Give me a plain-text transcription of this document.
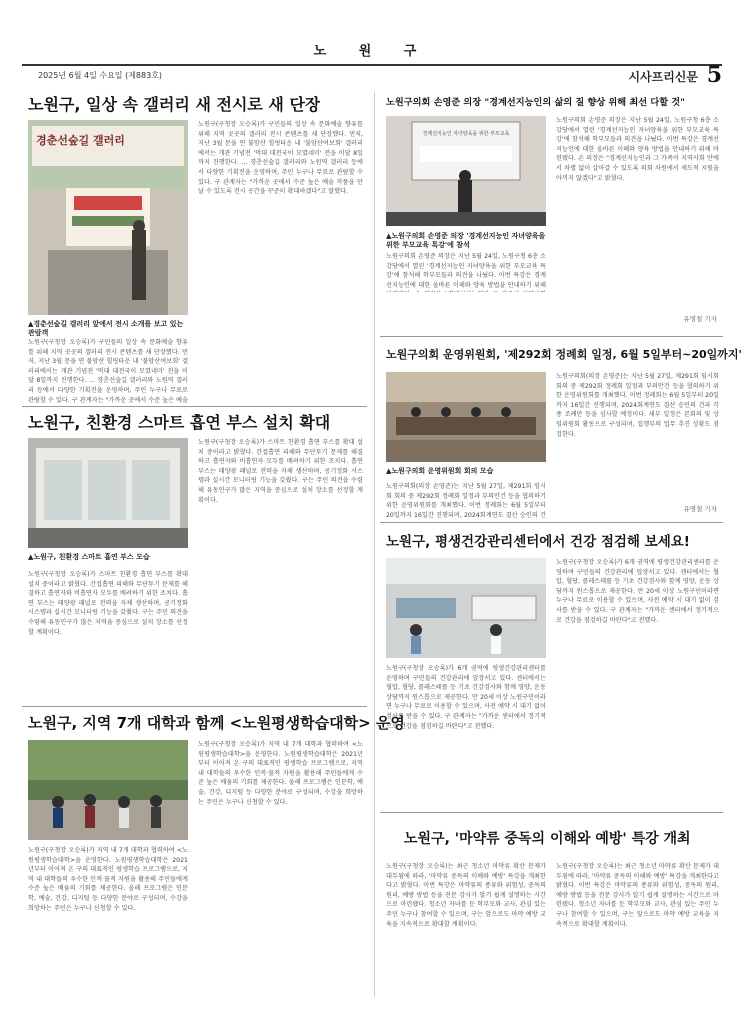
노 원 구
2025년 6월 4일 수요일 (제883호)	시사프리신문 5
노원구, 일상 속 갤러리 새 전시로 새 단장
경춘선숲길 갤러리
▲경춘선숲길 갤러리 앞에서 전시 소개를 보고 있는 관람객
노원구(구청장 오승록)가 구민들의 일상 속 문화예술 향유를 위해 지역 곳곳의 갤러리 전시 콘텐츠를 새 단장했다. 먼저, 지난 3월 문을 연 불암산 힐링타운 내 '불암산여보회' 갤러리에서는 개관 기념전 '먹대 대전국이 모였네미' 전을 이달 8일까지 진행한다. ... 경춘선숲길 갤러리와 노원역 갤러리 등에서 다양한 기획전을 운영하며, 주민 누구나 무료로 관람할 수 있다. 구 관계자는 "가까운 곳에서 수준 높은 예술
노원구(구청장 오승록)가 구민들의 일상 속 문화예술 향유를 위해 지역 곳곳의 갤러리 전시 콘텐츠를 새 단장했다. 먼저, 지난 3월 문을 연 불암산 힐링타운 내 '불암산여보회' 갤러리에서는 개관 기념전 '먹대 대전국이 모였네미' 전을 이달 8일까지 진행한다. ... 경춘선숲길 갤러리와 노원역 갤러리 등에서 다양한 기획전을 운영하며, 주민 누구나 무료로 관람할 수 있다. 구 관계자는 "가까운 곳에서 수준 높은 예술 작품을 만날 수 있도록 전시 공간을 꾸준히 확대하겠다"고 말했다.
노원구, 친환경 스마트 흡연 부스 설치 확대
▲노원구, 친환경 스마트 흡연 부스 모습
노원구(구청장 오승록)가 스마트 친환경 흡연 부스를 확대 설치 중이라고 밝혔다. 간접흡연 피해와 무단투기 문제를 해결하고 흡연자와 비흡연자 모두를 배려하기 위한 조치다. 흡연 부스는 태양광 패널로 전력을 자체 생산하며, 공기정화 시스템과 실시간 모니터링 기능을 갖췄다. 구는 주민 의견을 수렴해 유동인구가 많은 지역을 중심으로 설치 장소를 선정할 계획이다.
노원구(구청장 오승록)가 스마트 친환경 흡연 부스를 확대 설치 중이라고 밝혔다. 간접흡연 피해와 무단투기 문제를 해결하고 흡연자와 비흡연자 모두를 배려하기 위한 조치다. 흡연 부스는 태양광 패널로 전력을 자체 생산하며, 공기정화 시스템과 실시간 모니터링 기능을 갖췄다. 구는 주민 의견을 수렴해 유동인구가 많은 지역을 중심으로 설치 장소를 선정할 계획이다.
노원구, 지역 7개 대학과 함께 <노원평생학습대학> 운영
노원구(구청장 오승록)가 지역 내 7개 대학과 협력하여 <노원평생학습대학>을 운영한다. 노원평생학습대학은 2021년부터 이어져 온 구의 대표적인 평생학습 프로그램으로, 지역 내 대학들의 우수한 인적·물적 자원을 활용해 주민들에게 수준 높은 배움의 기회를 제공한다. 올해 프로그램은 인문학, 예술, 건강, 디지털 등 다양한 분야로 구성되며, 수강을 희망하는 주민은 누구나 신청할 수 있다.
노원구(구청장 오승록)가 지역 내 7개 대학과 협력하여 <노원평생학습대학>을 운영한다. 노원평생학습대학은 2021년부터 이어져 온 구의 대표적인 평생학습 프로그램으로, 지역 내 대학들의 우수한 인적·물적 자원을 활용해 주민들에게 수준 높은 배움의 기회를 제공한다. 올해 프로그램은 인문학, 예술, 건강, 디지털 등 다양한 분야로 구성되며, 수강을 희망하는 주민은 누구나 신청할 수 있다.
노원구의회 손영준 의장 "경계선지능인의 삶의 질 향상 위해 최선 다할 것"
경계선지능인 자녀양육을 위한 부모교육
▲노원구의회 손영준 의장 '경계선지능인 자녀양육을 위한 부모교육 특강'에 참석
노원구의회 손영준 의장은 지난 5월 24일, 노원구청 6층 소강당에서 열린 '경계선지능인 자녀양육을 위한 부모교육 특강'에 참석해 학부모들과 의견을 나눴다. 이번 특강은 경계선지능인에 대한 올바른 이해와 양육 방법을 안내하기 위해
노원구의회 손영준 의장은 지난 5월 24일, 노원구청 6층 소강당에서 열린 '경계선지능인 자녀양육을 위한 부모교육 특강'에 참석해 학부모들과 의견을 나눴다. 이번 특강은 경계선지능인에 대한 올바른 이해와 양육 방법을 안내하기 위해 마련됐다. 손 의장은 "경계선지능인과 그 가족이 지역사회 안에서 차별 없이 살아갈 수 있도록 의회 차원에서 제도적 지원을 아끼지 않겠다"고 밝혔다.
유명철 기자
노원구의회 운영위원회, '제292회 정례회 일정, 6월 5일부터~20일까지'
▲노원구의회 운영위원회 회의 모습
노원구의회(의장 손영준)는 지난 5월 27일, 제291회 임시회 회의 중 제292회 정례회 일정과 부의안건 등을 협의하기 위한 운영위원회를 개최했다. 이번 정례회는 6월 5일부터 20일까지 16일간 진행되며, 2024회계연도 결산 승인의 건
노원구의회(의장 손영준)는 지난 5월 27일, 제291회 임시회 회의 중 제292회 정례회 일정과 부의안건 등을 협의하기 위한 운영위원회를 개최했다. 이번 정례회는 6월 5일부터 20일까지 16일간 진행되며, 2024회계연도 결산 승인의 건과 각종 조례안 등을 심사할 예정이다. 세부 일정은 본회의 및 상임위원회 활동으로 구성되며, 집행부의 업무 추진 상황도 점검한다.
유명철 기자
노원구, 평생건강관리센터에서 건강 점검해 보세요!
노원구(구청장 오승록)가 6개 권역에 평생건강관리센터를 운영하며 구민들의 건강관리에 앞장서고 있다. 센터에서는 혈압, 혈당, 콜레스테롤 등 기초 건강검사와 함께 영양, 운동 상담까지 원스톱으로 제공한다. 만 20세 이상 노원구민이라면 누구나 무료로 이용할 수 있으며, 사전 예약 시 대기 없이 검사를 받을 수 있다. 구 관계자는 "가까운 센터에서 정기적으로 건강을 점검하길 바란다"고 전했다.
노원구(구청장 오승록)가 6개 권역에 평생건강관리센터를 운영하며 구민들의 건강관리에 앞장서고 있다. 센터에서는 혈압, 혈당, 콜레스테롤 등 기초 건강검사와 함께 영양, 운동 상담까지 원스톱으로 제공한다. 만 20세 이상 노원구민이라면 누구나 무료로 이용할 수 있으며, 사전 예약 시 대기 없이 검사를 받을 수 있다. 구 관계자는 "가까운 센터에서 정기적으로 건강을 점검하길 바란다"고 전했다.
노원구, '마약류 중독의 이해와 예방' 특강 개최
노원구(구청장 오승록)는 최근 청소년 마약류 확산 문제가 대두됨에 따라, '마약류 중독의 이해와 예방' 특강을 개최한다고 밝혔다. 이번 특강은 마약류의 종류와 위험성, 중독의 원리, 예방 방법 등을 전문 강사가 알기 쉽게 설명하는 시간으로 마련됐다. 청소년 자녀를 둔 학부모와 교사, 관심 있는 주민 누구나 참여할 수 있으며, 구는 앞으로도 마약 예방 교육을 지속적으로 확대할 계획이다.
노원구(구청장 오승록)는 최근 청소년 마약류 확산 문제가 대두됨에 따라, '마약류 중독의 이해와 예방' 특강을 개최한다고 밝혔다. 이번 특강은 마약류의 종류와 위험성, 중독의 원리, 예방 방법 등을 전문 강사가 알기 쉽게 설명하는 시간으로 마련됐다. 청소년 자녀를 둔 학부모와 교사, 관심 있는 주민 누구나 참여할 수 있으며, 구는 앞으로도 마약 예방 교육을 지속적으로 확대할 계획이다.
